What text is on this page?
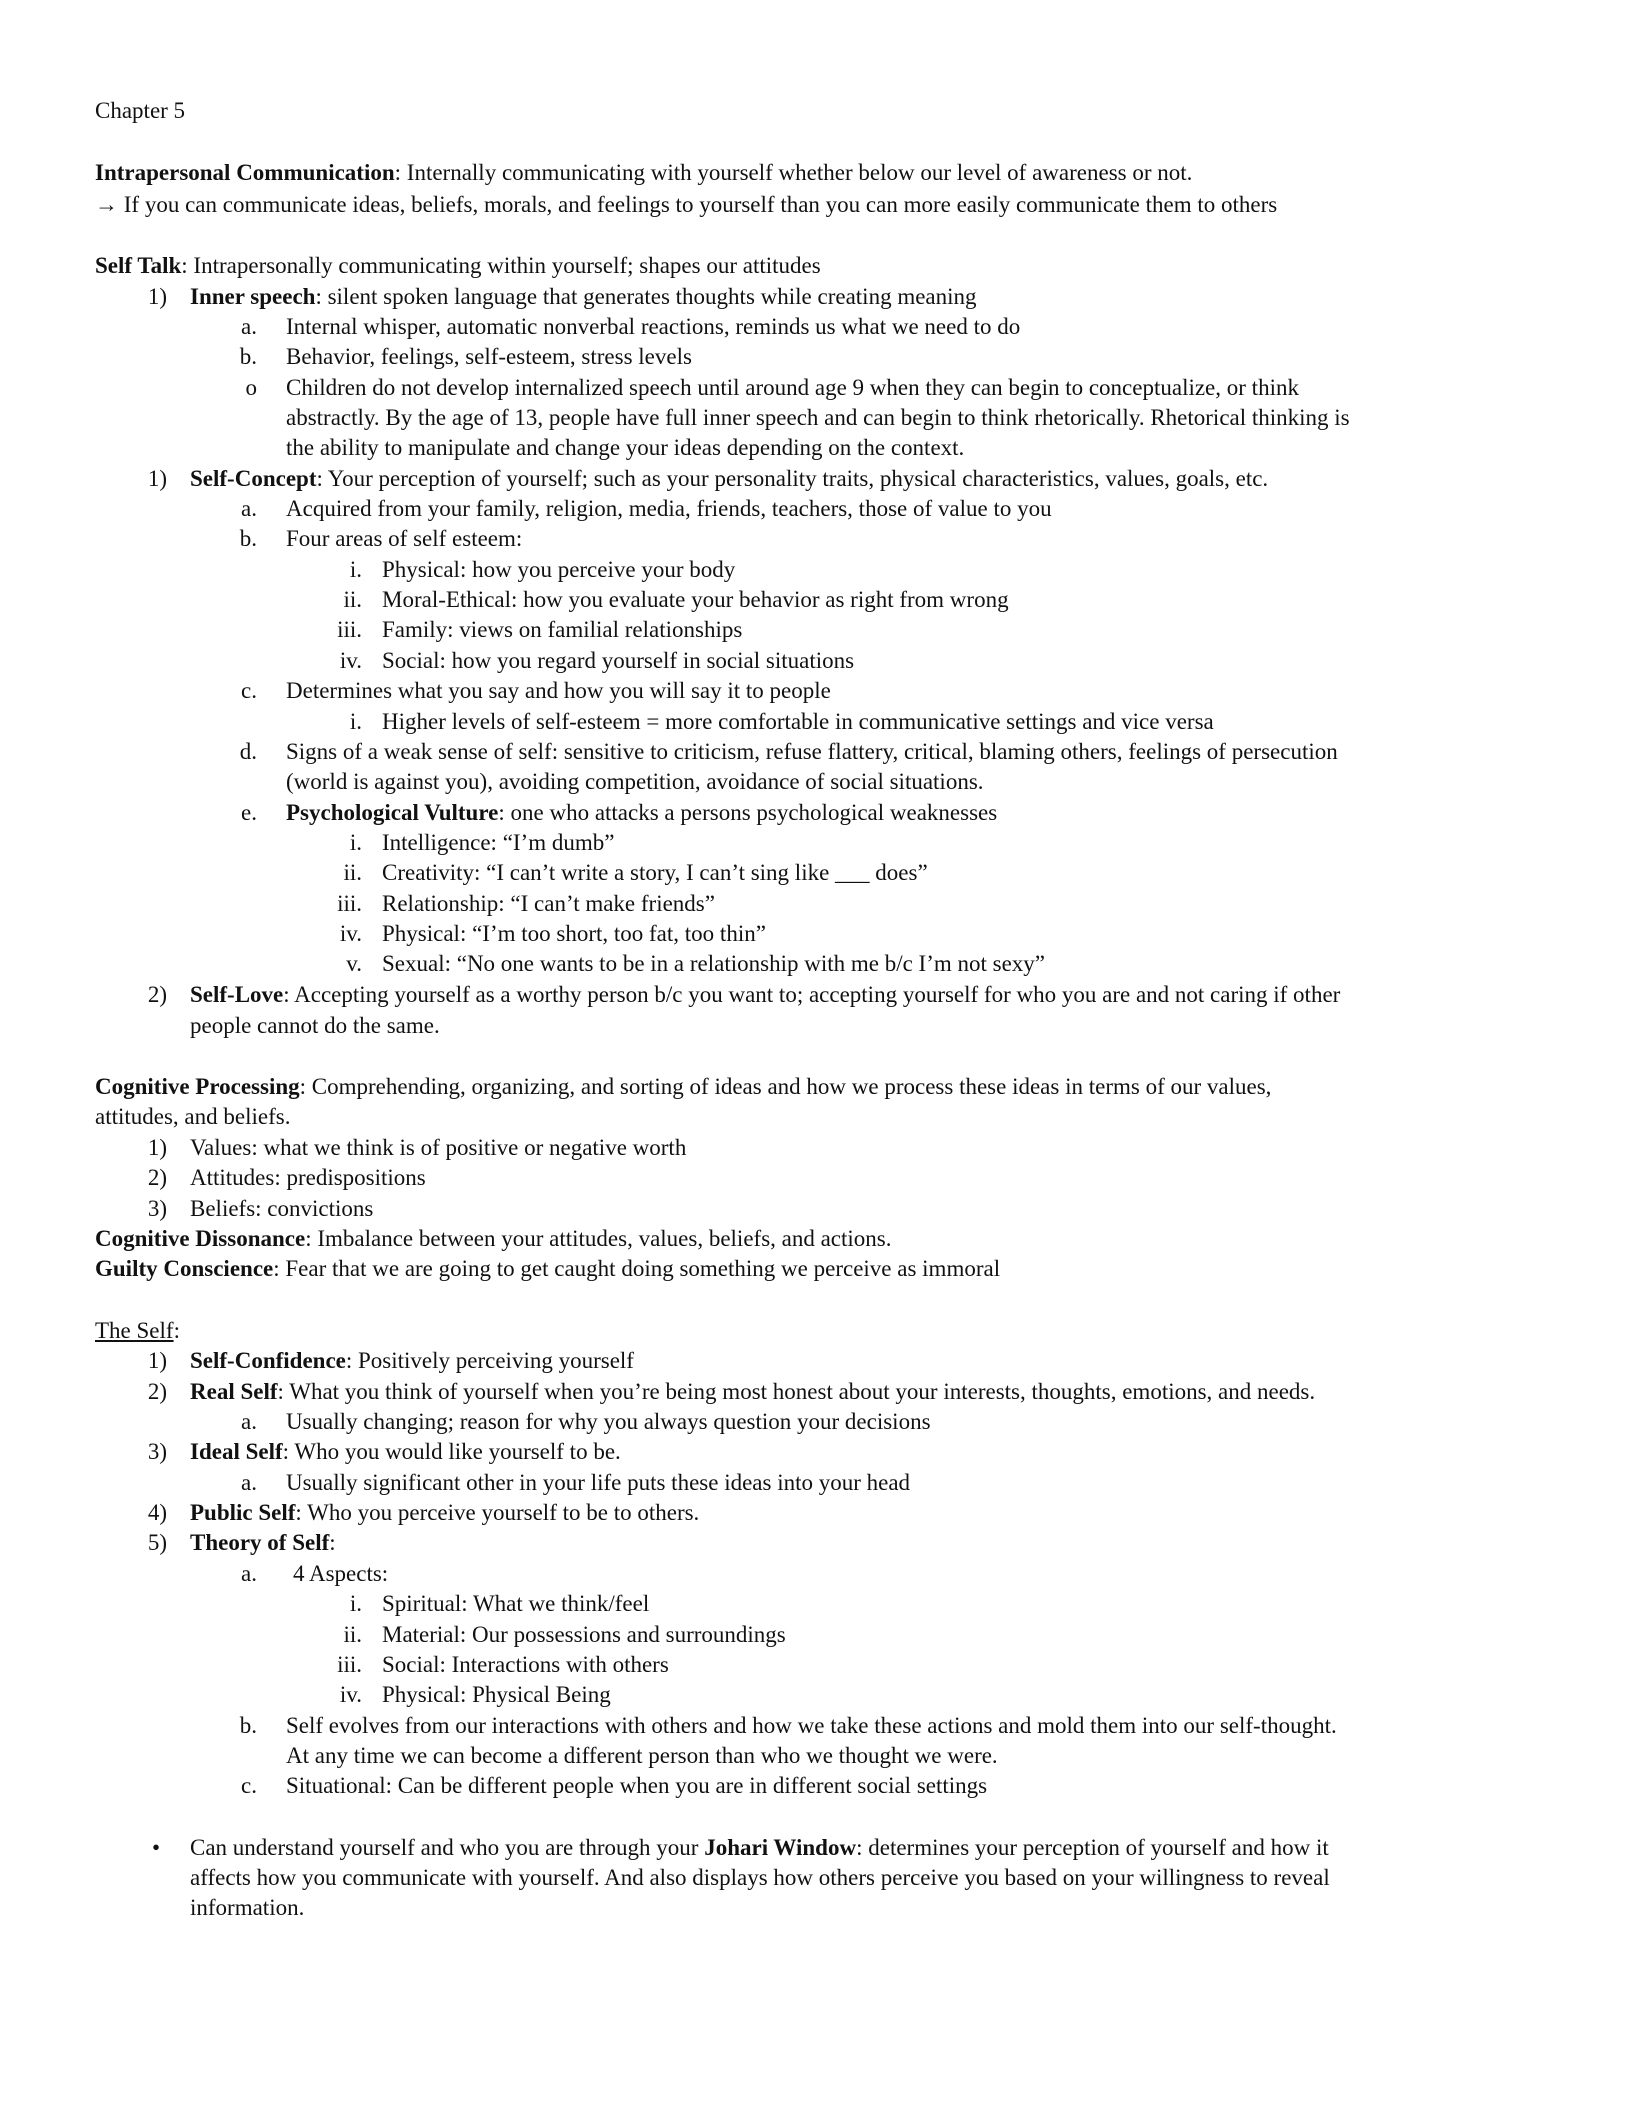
Chapter 5
Intrapersonal Communication: Internally communicating with yourself whether below our level of awareness or not.
→ If you can communicate ideas, beliefs, morals, and feelings to yourself than you can more easily communicate them to others
Self Talk: Intrapersonally communicating within yourself; shapes our attitudes
1) Inner speech: silent spoken language that generates thoughts while creating meaning
a. Internal whisper, automatic nonverbal reactions, reminds us what we need to do
b. Behavior, feelings, self-esteem, stress levels
o Children do not develop internalized speech until around age 9 when they can begin to conceptualize, or think
abstractly. By the age of 13, people have full inner speech and can begin to think rhetorically. Rhetorical thinking is
the ability to manipulate and change your ideas depending on the context.
1) Self-Concept: Your perception of yourself; such as your personality traits, physical characteristics, values, goals, etc.
a. Acquired from your family, religion, media, friends, teachers, those of value to you
b. Four areas of self esteem:
i. Physical: how you perceive your body
ii. Moral-Ethical: how you evaluate your behavior as right from wrong
iii. Family: views on familial relationships
iv. Social: how you regard yourself in social situations
c. Determines what you say and how you will say it to people
i. Higher levels of self-esteem = more comfortable in communicative settings and vice versa
d. Signs of a weak sense of self: sensitive to criticism, refuse flattery, critical, blaming others, feelings of persecution
(world is against you), avoiding competition, avoidance of social situations.
e. Psychological Vulture: one who attacks a persons psychological weaknesses
i. Intelligence: “I’m dumb”
ii. Creativity: “I can’t write a story, I can’t sing like ___ does”
iii. Relationship: “I can’t make friends”
iv. Physical: “I’m too short, too fat, too thin”
v. Sexual: “No one wants to be in a relationship with me b/c I’m not sexy”
2) Self-Love: Accepting yourself as a worthy person b/c you want to; accepting yourself for who you are and not caring if other
people cannot do the same.
Cognitive Processing: Comprehending, organizing, and sorting of ideas and how we process these ideas in terms of our values,
attitudes, and beliefs.
1) Values: what we think is of positive or negative worth
2) Attitudes: predispositions
3) Beliefs: convictions
Cognitive Dissonance: Imbalance between your attitudes, values, beliefs, and actions.
Guilty Conscience: Fear that we are going to get caught doing something we perceive as immoral
The Self:
1) Self-Confidence: Positively perceiving yourself
2) Real Self: What you think of yourself when you’re being most honest about your interests, thoughts, emotions, and needs.
a. Usually changing; reason for why you always question your decisions
3) Ideal Self: Who you would like yourself to be.
a. Usually significant other in your life puts these ideas into your head
4) Public Self: Who you perceive yourself to be to others.
5) Theory of Self:
a. 4 Aspects:
i. Spiritual: What we think/feel
ii. Material: Our possessions and surroundings
iii. Social: Interactions with others
iv. Physical: Physical Being
b. Self evolves from our interactions with others and how we take these actions and mold them into our self-thought.
At any time we can become a different person than who we thought we were.
c. Situational: Can be different people when you are in different social settings
• Can understand yourself and who you are through your Johari Window: determines your perception of yourself and how it
affects how you communicate with yourself. And also displays how others perceive you based on your willingness to reveal
information.
